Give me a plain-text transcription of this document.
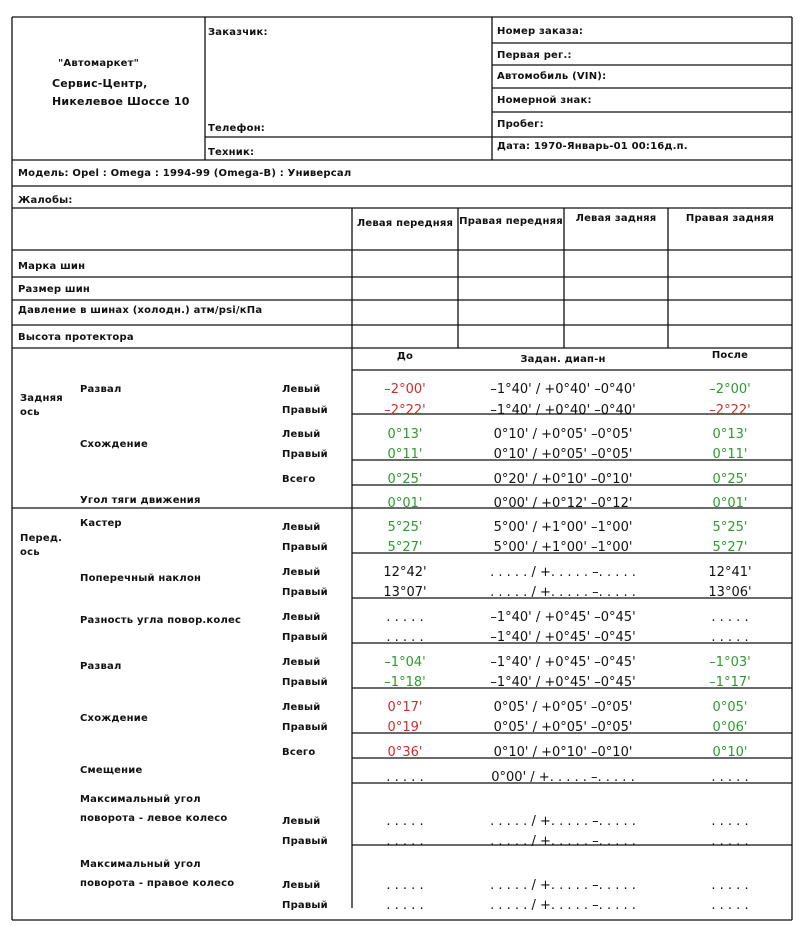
"Автомаркет"
Сервис-Центр,
Никелевое Шоссе 10
Заказчик:
Телефон:
Техник:
Номер заказа:
Первая рег.:
Автомобиль (VIN):
Номерной знак:
Пробег:
Дата: 1970-Январь-01 00:16д.п.
Модель: Opel : Omega : 1994-99 (Omega-B) : Универсал
Жалобы:
Левая передняя Правая передняя	Левая задняя	Правая задняя
Марка шин
Размер шин
Давление в шинах (холодн.) атм/psi/кПа
Высота протектора
До	Задан. диап-н	После
Задняя ось
Перед. ось
Развал	Левый	–2°00'	–1°40' / +0°40' –0°40'	–2°00'
Правый	–2°22'	–1°40' / +0°40' –0°40'	–2°22'
Схождение
Левый	0°13'	0°10' / +0°05' –0°05'	0°13'
Правый	0°11'	0°10' / +0°05' –0°05'	0°11'
Всего	0°25'	0°20' / +0°10' –0°10'	0°25'
Угол тяги движения	0°01'	0°00' / +0°12' –0°12'	0°01'
Кастер	Левый	5°25'	5°00' / +1°00' –1°00'	5°25'
Правый	5°27'	5°00' / +1°00' –1°00'	5°27'
Поперечный наклон
Левый	12°42'	. . . . . / +. . . . . –. . . . .	12°41'
Правый	13°07'	. . . . . / +. . . . . –. . . . .	13°06'
Разность угла повор.колес	Левый	. . . . .	–1°40' / +0°45' –0°45'	. . . . .
Правый	. . . . .	–1°40' / +0°45' –0°45'	. . . . .
Развал	Левый	–1°04'	–1°40' / +0°45' –0°45'	–1°03'
Правый	–1°18'	–1°40' / +0°45' –0°45'	–1°17'
Схождение
Левый	0°17'	0°05' / +0°05' –0°05'	0°05'
Правый	0°19'	0°05' / +0°05' –0°05'	0°06'
Всего	0°36'	0°10' / +0°10' –0°10'	0°10'
Смещение	. . . . .	0°00' / +. . . . . –. . . . .	. . . . .
Максимальный угол поворота - левое колесо	Левый	. . . . .	. . . . . / +. . . . . –. . . . .	. . . . .
Правый	. . . . .	. . . . . / +. . . . . –. . . . .	. . . . .
Максимальный угол поворота - правое колесо	Левый	. . . . .	. . . . . / +. . . . . –. . . . .	. . . . .
Правый	. . . . .	. . . . . / +. . . . . –. . . . .	. . . . .
